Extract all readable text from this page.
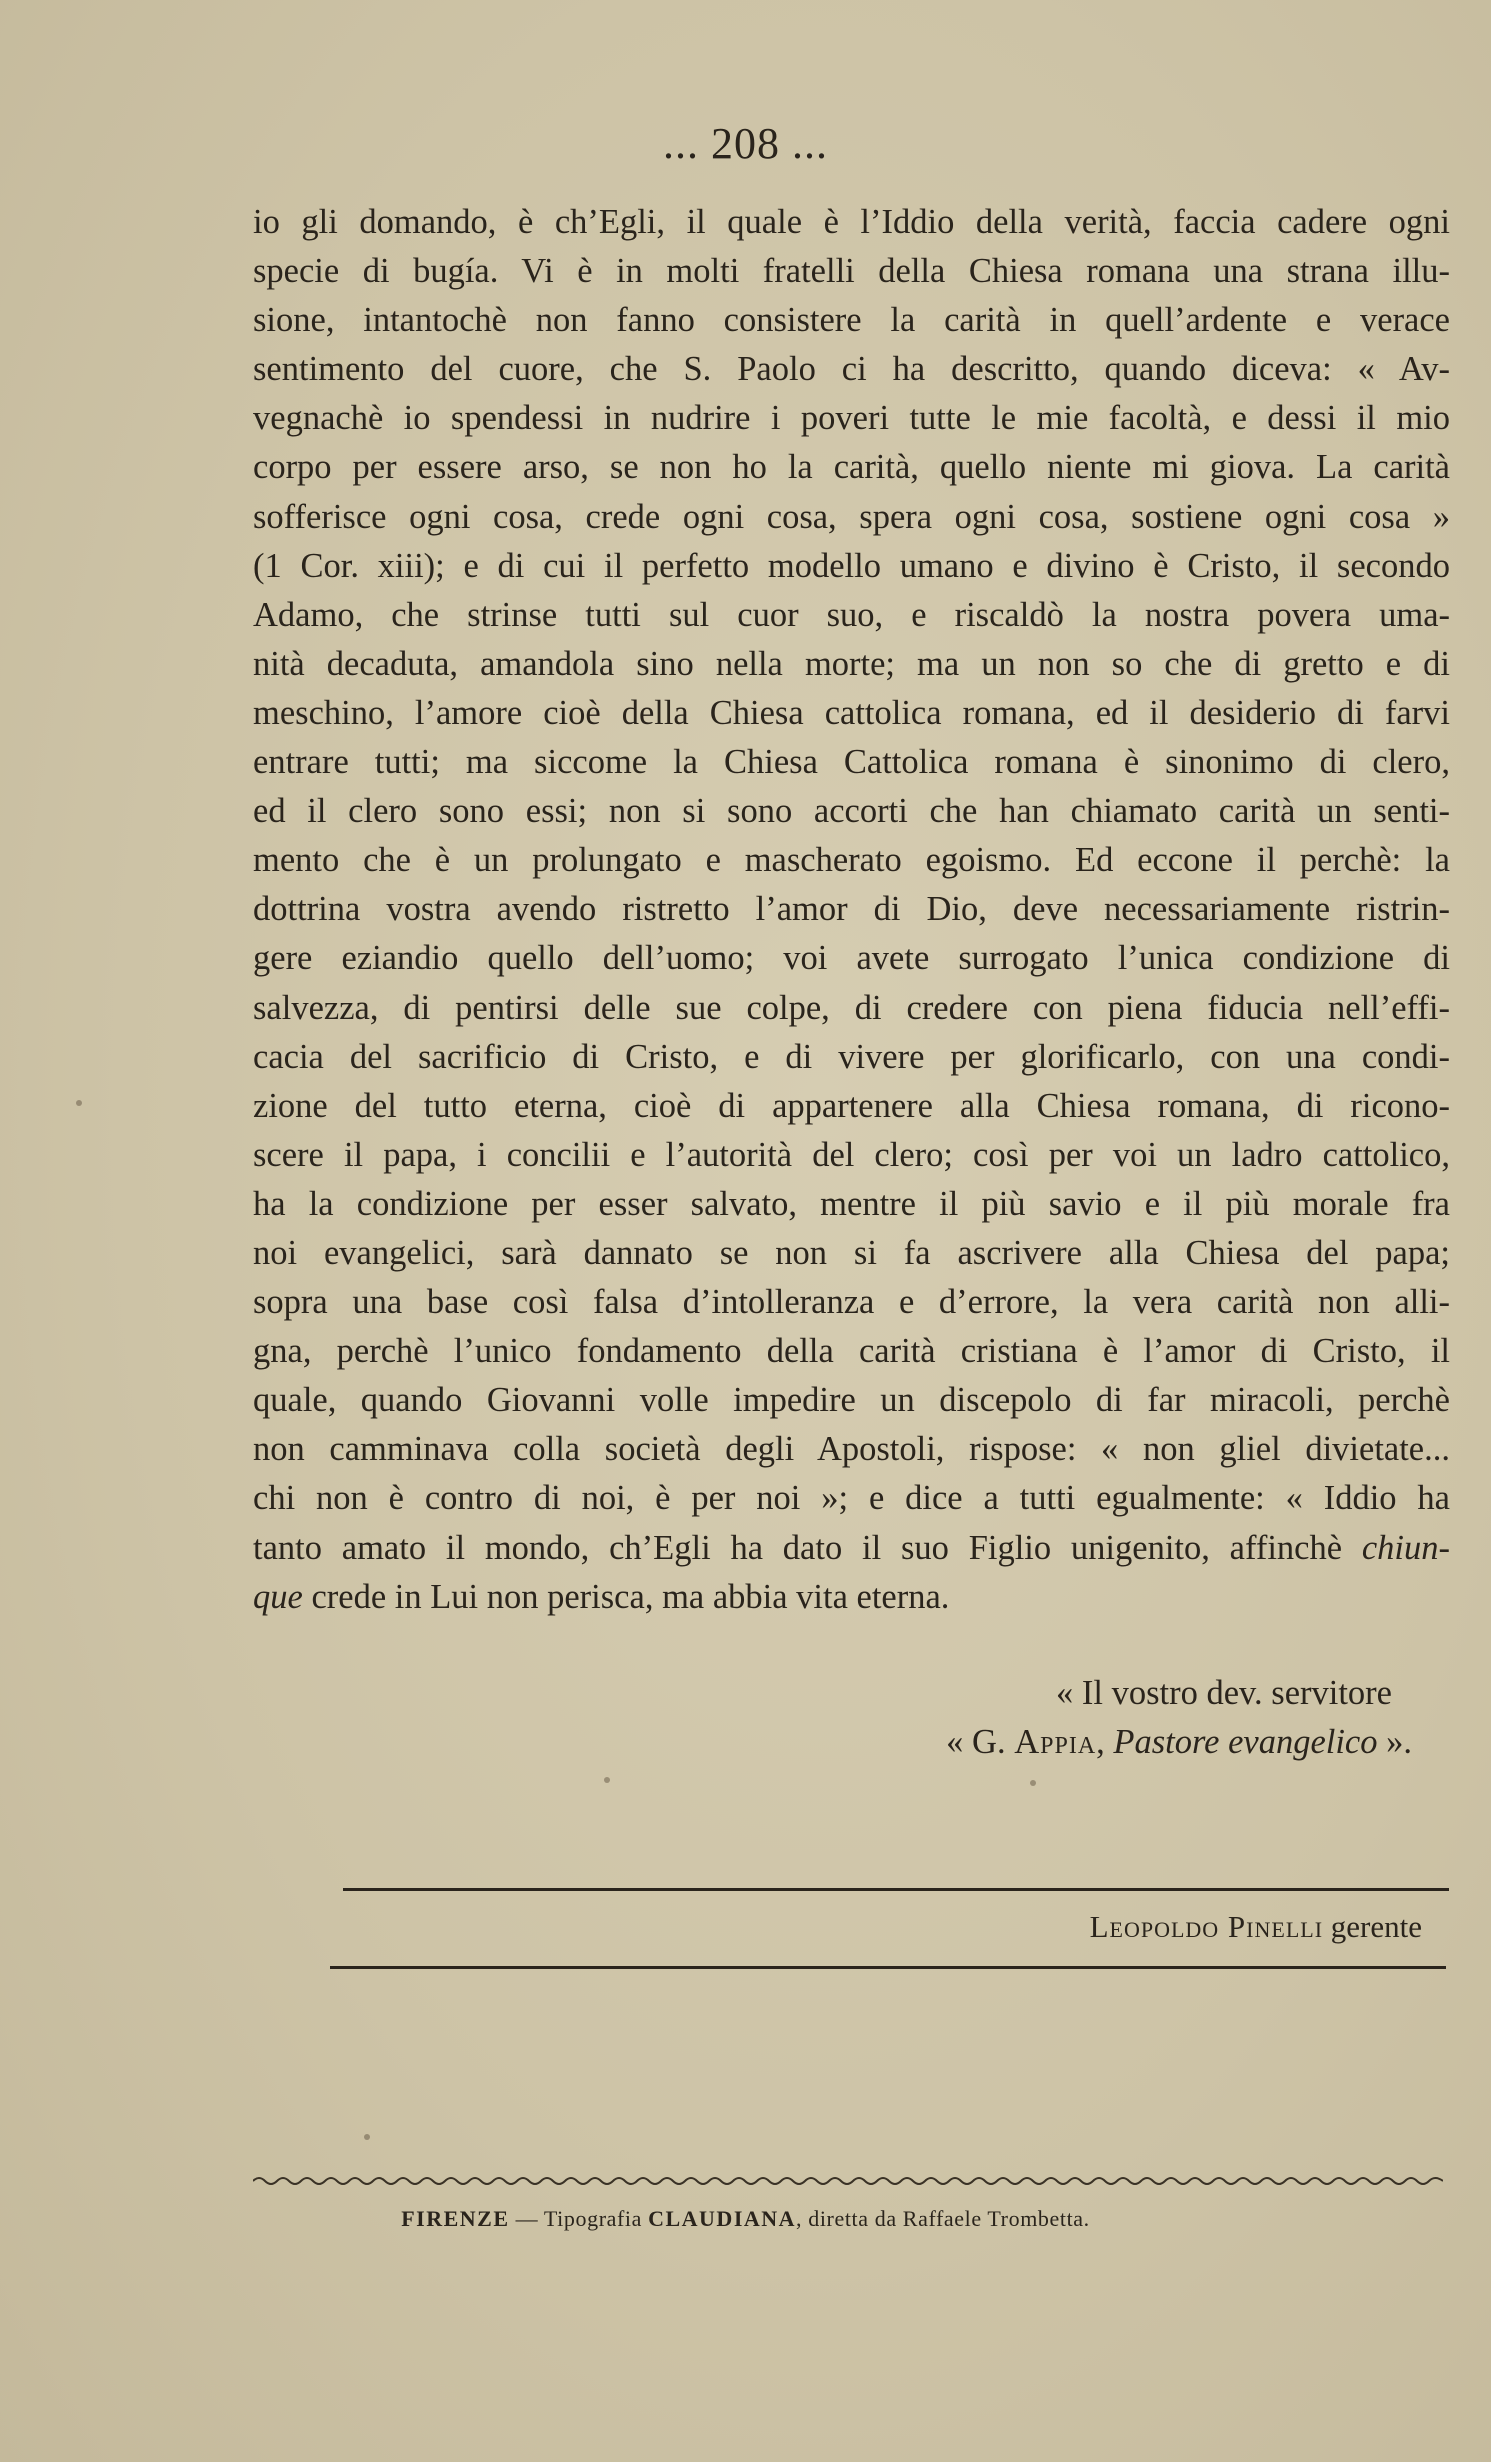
... 208 ...

io gli domando, è ch’Egli, il quale è l’Iddio della verità, faccia cadere ogni

specie di bugía. Vi è in molti fratelli della Chiesa romana una strana illu-

sione, intantochè non fanno consistere la carità in quell’ardente e verace

sentimento del cuore, che S. Paolo ci ha descritto, quando diceva: « Av-

vegnachè io spendessi in nudrire i poveri tutte le mie facoltà, e dessi il mio

corpo per essere arso, se non ho la carità, quello niente mi giova. La carità

sofferisce ogni cosa, crede ogni cosa, spera ogni cosa, sostiene ogni cosa »

(1 Cor. xiii); e di cui il perfetto modello umano e divino è Cristo, il secondo

Adamo, che strinse tutti sul cuor suo, e riscaldò la nostra povera uma-

nità decaduta, amandola sino nella morte; ma un non so che di gretto e di

meschino, l’amore cioè della Chiesa cattolica romana, ed il desiderio di farvi

entrare tutti; ma siccome la Chiesa Cattolica romana è sinonimo di clero,

ed il clero sono essi; non si sono accorti che han chiamato carità un senti-

mento che è un prolungato e mascherato egoismo. Ed eccone il perchè: la

dottrina vostra avendo ristretto l’amor di Dio, deve necessariamente ristrin-

gere eziandio quello dell’uomo; voi avete surrogato l’unica condizione di

salvezza, di pentirsi delle sue colpe, di credere con piena fiducia nell’effi-

cacia del sacrificio di Cristo, e di vivere per glorificarlo, con una condi-

zione del tutto eterna, cioè di appartenere alla Chiesa romana, di ricono-

scere il papa, i concilii e l’autorità del clero; così per voi un ladro cattolico,

ha la condizione per esser salvato, mentre il più savio e il più morale fra

noi evangelici, sarà dannato se non si fa ascrivere alla Chiesa del papa;

sopra una base così falsa d’intolleranza e d’errore, la vera carità non alli-

gna, perchè l’unico fondamento della carità cristiana è l’amor di Cristo, il

quale, quando Giovanni volle impedire un discepolo di far miracoli, perchè

non camminava colla società degli Apostoli, rispose: « non gliel divietate...

chi non è contro di noi, è per noi »; e dice a tutti egualmente: « Iddio ha

tanto amato il mondo, ch’Egli ha dato il suo Figlio unigenito, affinchè chiun-

que crede in Lui non perisca, ma abbia vita eterna.

« Il vostro dev. servitore
« G. Appia, Pastore evangelico ».
Leopoldo Pinelli gerente
FIRENZE — Tipografia CLAUDIANA, diretta da Raffaele Trombetta.
